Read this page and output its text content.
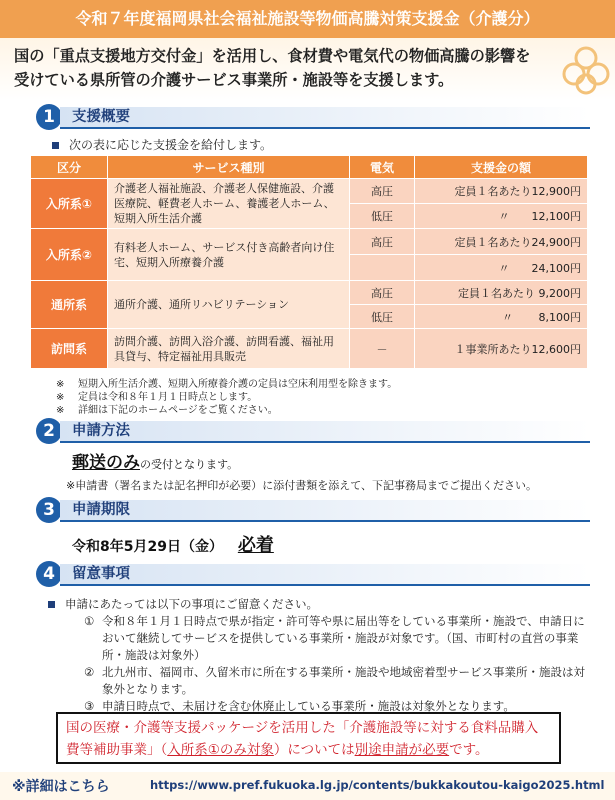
令和７年度福岡県社会福祉施設等物価高騰対策支援金（介護分）
国の「重点支援地方交付金」を活用し、食材費や電気代の物価高騰の影響を
受けている県所管の介護サービス事業所・施設等を支援します。
1	支援概要
次の表に応じた支援金を給付します。
区分	サービス種別	電気	支援金の額
入所系①	介護老人福祉施設、介護老人保健施設、介護医療院、軽費老人ホーム、養護老人ホーム、短期入所生活介護	高圧	定員１名あたり12,900円
		低圧	〃　　12,100円
入所系②	有料老人ホーム、サービス付き高齢者向け住宅、短期入所療養介護	高圧	定員１名あたり24,900円
			〃　　24,100円
通所系	通所介護、通所リハビリテーション	高圧	定員１名あたり 9,200円
		低圧	〃　　 8,100円
訪問系	訪問介護、訪問入浴介護、訪問看護、福祉用具貸与、特定福祉用具販売	－	１事業所あたり12,600円
※ 短期入所生活介護、短期入所療養介護の定員は空床利用型を除きます。
※ 定員は令和８年１月１日時点とします。
※ 詳細は下記のホームページをご覧ください。
2	申請方法
郵送のみの受付となります。
※申請書（署名または記名押印が必要）に添付書類を添えて、下記事務局までご提出ください。
3	申請期限
令和8年5月29日（金） 必着
4	留意事項
申請にあたっては以下の事項にご留意ください。
① 令和８年１月１日時点で県が指定・許可等や県に届出等をしている事業所・施設で、申請日において継続してサービスを提供している事業所・施設が対象です。（国、市町村の直営の事業所・施設は対象外）
② 北九州市、福岡市、久留米市に所在する事業所・施設や地域密着型サービス事業所・施設は対象外となります。
③ 申請日時点で、未届けを含む休廃止している事業所・施設は対象外となります。
国の医療・介護等支援パッケージを活用した「介護施設等に対する食料品購入費等補助事業」（入所系①のみ対象）については別途申請が必要です。
※詳細はこちら	https://www.pref.fukuoka.lg.jp/contents/bukkakoutou-kaigo2025.html
